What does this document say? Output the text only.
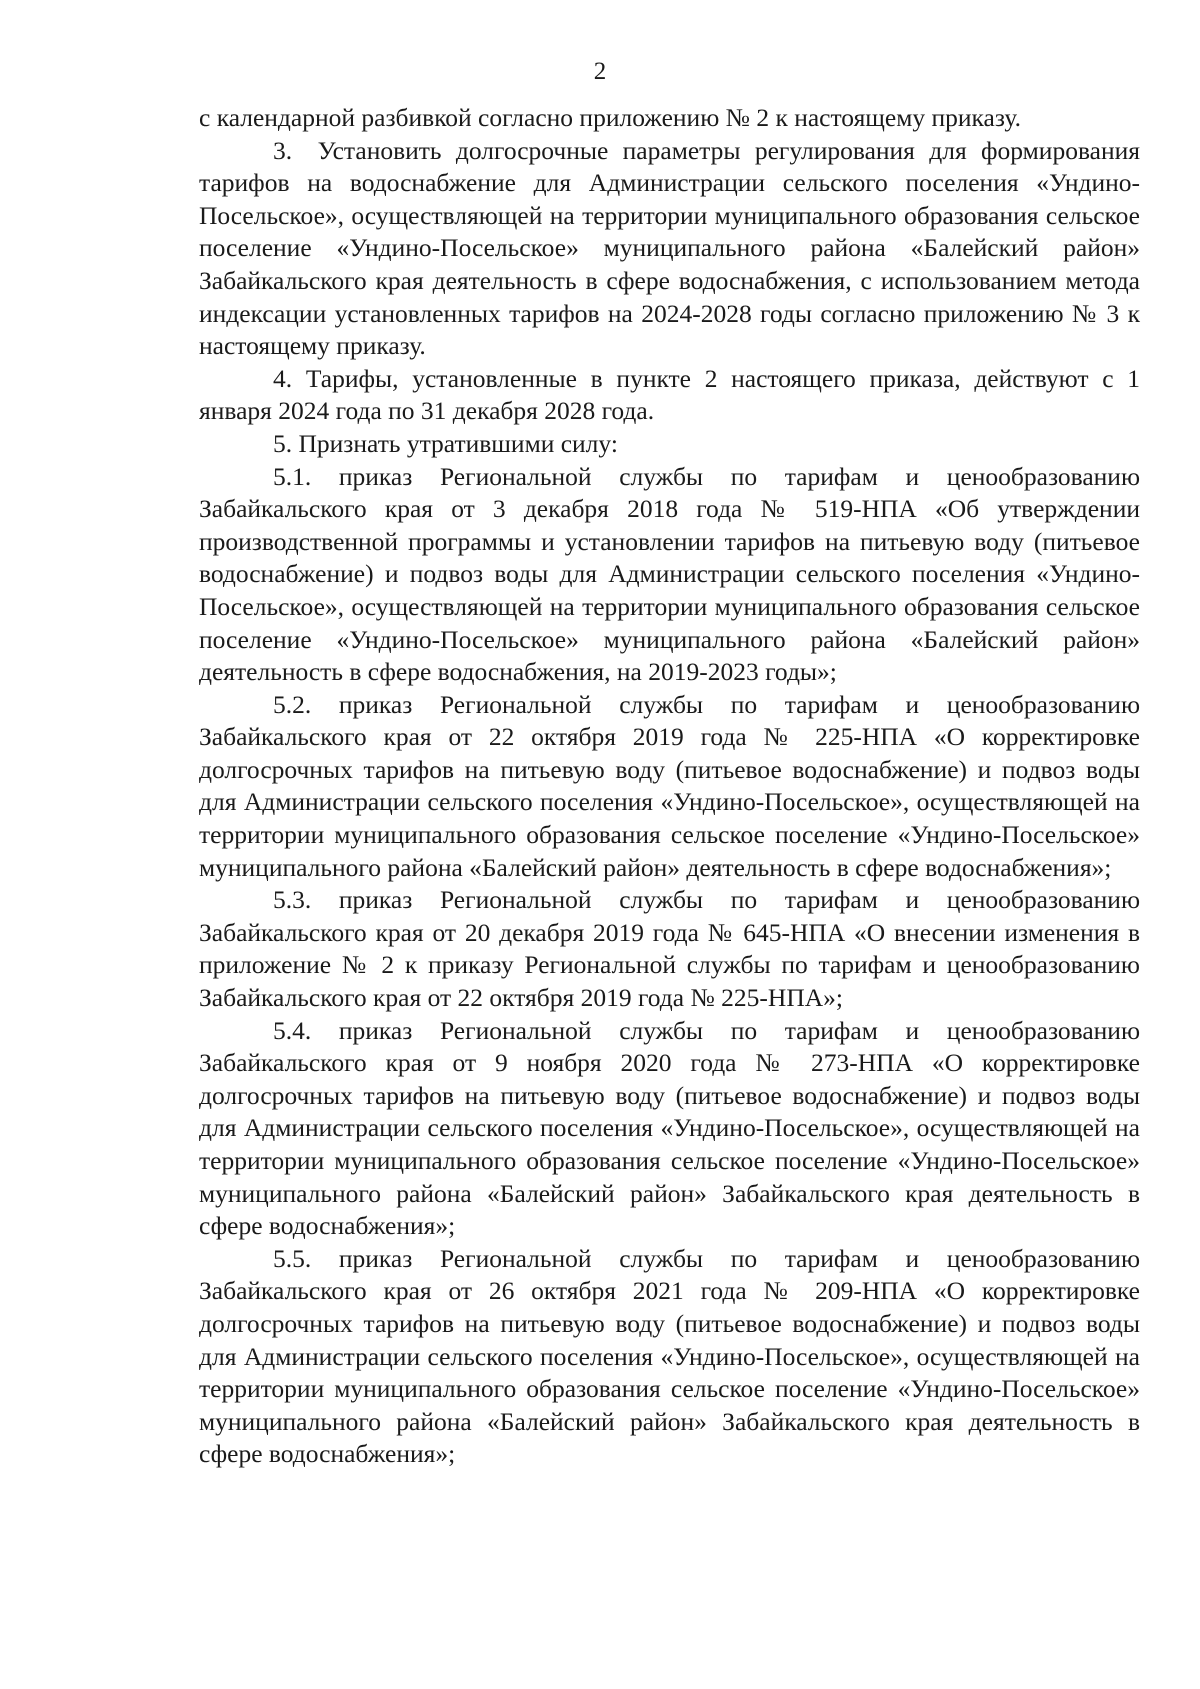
2

с календарной разбивкой согласно приложению № 2 к настоящему приказу.

3. Установить долгосрочные параметры регулирования для формирования тарифов на водоснабжение для Администрации сельского поселения «Ундино-Посельское», осуществляющей на территории муниципального образования сельское поселение «Ундино-Посельское» муниципального района «Балейский район» Забайкальского края деятельность в сфере водоснабжения, с использованием метода индексации установленных тарифов на 2024-2028 годы согласно приложению № 3 к настоящему приказу.

4. Тарифы, установленные в пункте 2 настоящего приказа, действуют с 1 января 2024 года по 31 декабря 2028 года.

5. Признать утратившими силу:

5.1. приказ Региональной службы по тарифам и ценообразованию Забайкальского края от 3 декабря 2018 года № 519-НПА «Об утверждении производственной программы и установлении тарифов на питьевую воду (питьевое водоснабжение) и подвоз воды для Администрации сельского поселения «Ундино-Посельское», осуществляющей на территории муниципального образования сельское поселение «Ундино-Посельское» муниципального района «Балейский район» деятельность в сфере водоснабжения, на 2019-2023 годы»;

5.2. приказ Региональной службы по тарифам и ценообразованию Забайкальского края от 22 октября 2019 года № 225-НПА «О корректировке долгосрочных тарифов на питьевую воду (питьевое водоснабжение) и подвоз воды для Администрации сельского поселения «Ундино-Посельское», осуществляющей на территории муниципального образования сельское поселение «Ундино-Посельское» муниципального района «Балейский район» деятельность в сфере водоснабжения»;

5.3. приказ Региональной службы по тарифам и ценообразованию Забайкальского края от 20 декабря 2019 года № 645-НПА «О внесении изменения в приложение № 2 к приказу Региональной службы по тарифам и ценообразованию Забайкальского края от 22 октября 2019 года № 225-НПА»;

5.4. приказ Региональной службы по тарифам и ценообразованию Забайкальского края от 9 ноября 2020 года № 273-НПА «О корректировке долгосрочных тарифов на питьевую воду (питьевое водоснабжение) и подвоз воды для Администрации сельского поселения «Ундино-Посельское», осуществляющей на территории муниципального образования сельское поселение «Ундино-Посельское» муниципального района «Балейский район» Забайкальского края деятельность в сфере водоснабжения»;

5.5. приказ Региональной службы по тарифам и ценообразованию Забайкальского края от 26 октября 2021 года № 209-НПА «О корректировке долгосрочных тарифов на питьевую воду (питьевое водоснабжение) и подвоз воды для Администрации сельского поселения «Ундино-Посельское», осуществляющей на территории муниципального образования сельское поселение «Ундино-Посельское» муниципального района «Балейский район» Забайкальского края деятельность в сфере водоснабжения»;
